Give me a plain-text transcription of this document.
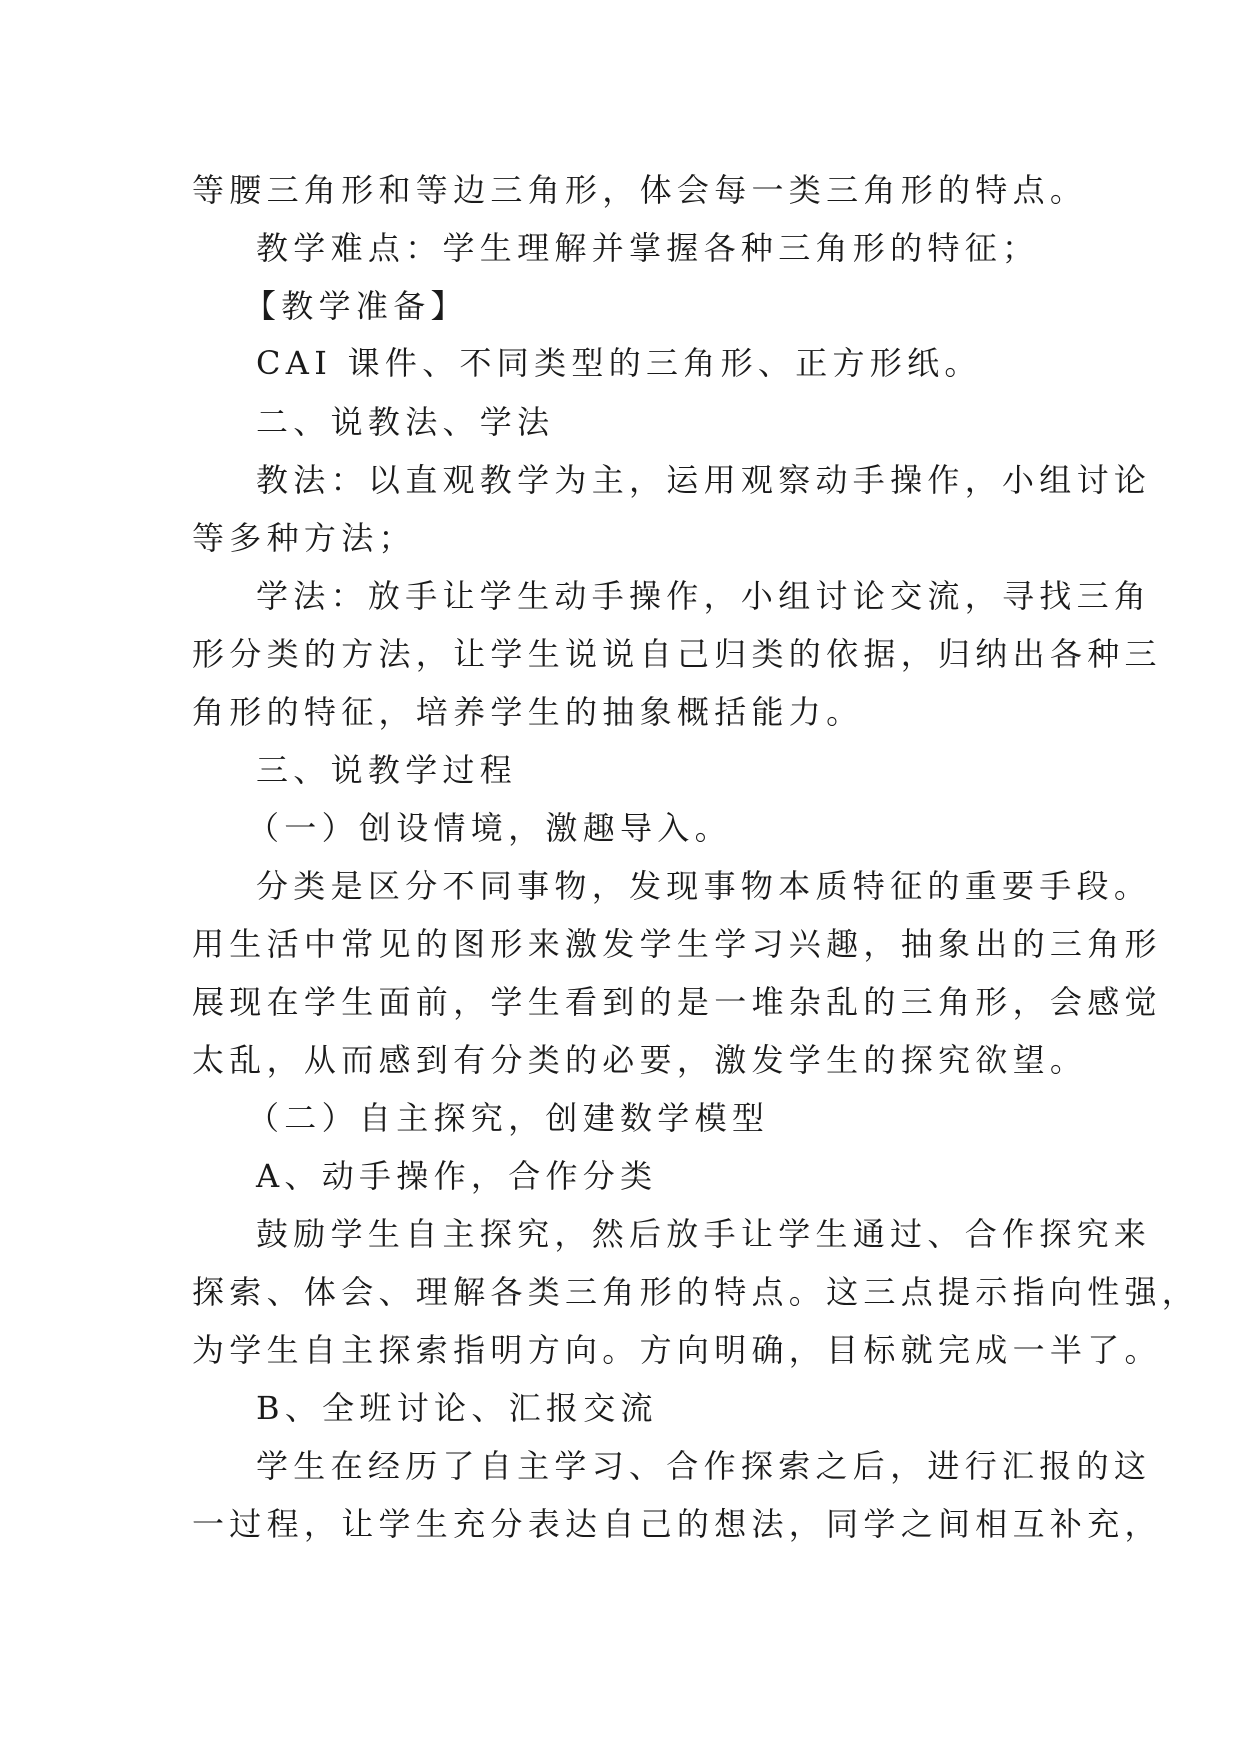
等腰三角形和等边三角形，体会每一类三角形的特点。
教学难点：学生理解并掌握各种三角形的特征；
【教学准备】
CAI 课件、不同类型的三角形、正方形纸。
二、说教法、学法
教法：以直观教学为主，运用观察动手操作，小组讨论
等多种方法；
学法：放手让学生动手操作，小组讨论交流，寻找三角
形分类的方法，让学生说说自己归类的依据，归纳出各种三
角形的特征，培养学生的抽象概括能力。
三、说教学过程
（一）创设情境，激趣导入。
分类是区分不同事物，发现事物本质特征的重要手段。
用生活中常见的图形来激发学生学习兴趣，抽象出的三角形
展现在学生面前，学生看到的是一堆杂乱的三角形，会感觉
太乱，从而感到有分类的必要，激发学生的探究欲望。
（二）自主探究，创建数学模型
A、动手操作，合作分类
鼓励学生自主探究，然后放手让学生通过、合作探究来
探索、体会、理解各类三角形的特点。这三点提示指向性强，
为学生自主探索指明方向。方向明确，目标就完成一半了。
B、全班讨论、汇报交流
学生在经历了自主学习、合作探索之后，进行汇报的这
一过程，让学生充分表达自己的想法，同学之间相互补充，
